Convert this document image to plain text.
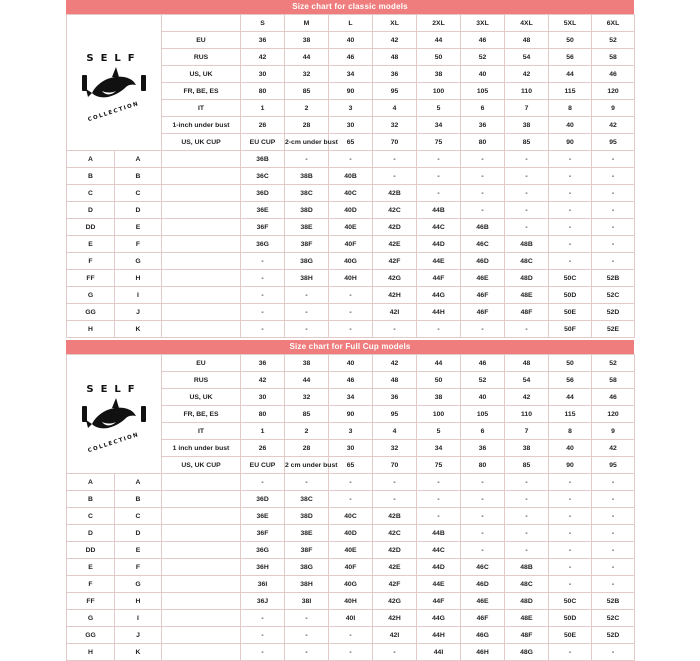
Size chart for classic models
SELF
COLLECTION			S	M	L	XL	2XL	3XL	4XL	5XL	6XL	
		EU	36	38	40	42	44	46	48	50	52	
		RUS	42	44	46	48	50	52	54	56	58	
		US, UK	30	32	34	36	38	40	42	44	46	
		FR, BE, ES	80	85	90	95	100	105	110	115	120	
		IT	1	2	3	4	5	6	7	8	9	
		1-inch under bust	26	28	30	32	34	36	38	40	42	
		US, UK CUP	EU CUP	2-cm under bust	65	70	75	80	85	90	95		
A	A		36B	-	-	-	-	-	-	-	-	
B	B		36C	38B	40B	-	-	-	-	-	-	
C	C		36D	38C	40C	42B	-	-	-	-	-	
D	D		36E	38D	40D	42C	44B	-	-	-	-	
DD	E		36F	38E	40E	42D	44C	46B	-	-	-	
E	F		36G	38F	40F	42E	44D	46C	48B	-	-	
F	G		-	38G	40G	42F	44E	46D	48C	-	-	
FF	H		-	38H	40H	42G	44F	46E	48D	50C	52B	
G	I		-	-	-	42H	44G	46F	48E	50D	52C	
GG	J		-	-	-	42I	44H	46F	48F	50E	52D	
H	K		-	-	-	-	-	-	-	50F	52E	
Size chart for Full Cup models
SELF
COLLECTION		EU	36	38	40	42	44	46	48	50	52	
		RUS	42	44	46	48	50	52	54	56	58	
		US, UK	30	32	34	36	38	40	42	44	46	
		FR, BE, ES	80	85	90	95	100	105	110	115	120	
		IT	1	2	3	4	5	6	7	8	9	
		1 inch under bust	26	28	30	32	34	36	38	40	42	
		US, UK CUP	EU CUP	2 cm under bust	65	70	75	80	85	90	95		
A	A		-	-	-	-	-	-	-	-	-	
B	B		36D	38C	-	-	-	-	-	-	-	
C	C		36E	38D	40C	42B	-	-	-	-	-	
D	D		36F	38E	40D	42C	44B	-	-	-	-	
DD	E		36G	38F	40E	42D	44C	-	-	-	-	
E	F		36H	38G	40F	42E	44D	46C	48B	-	-	
F	G		36I	38H	40G	42F	44E	46D	48C	-	-	
FF	H		36J	38I	40H	42G	44F	46E	48D	50C	52B	
G	I		-	-	40I	42H	44G	46F	48E	50D	52C	
GG	J		-	-	-	42I	44H	46G	48F	50E	52D	
H	K		-	-	-	-	44I	46H	48G	-	-	
